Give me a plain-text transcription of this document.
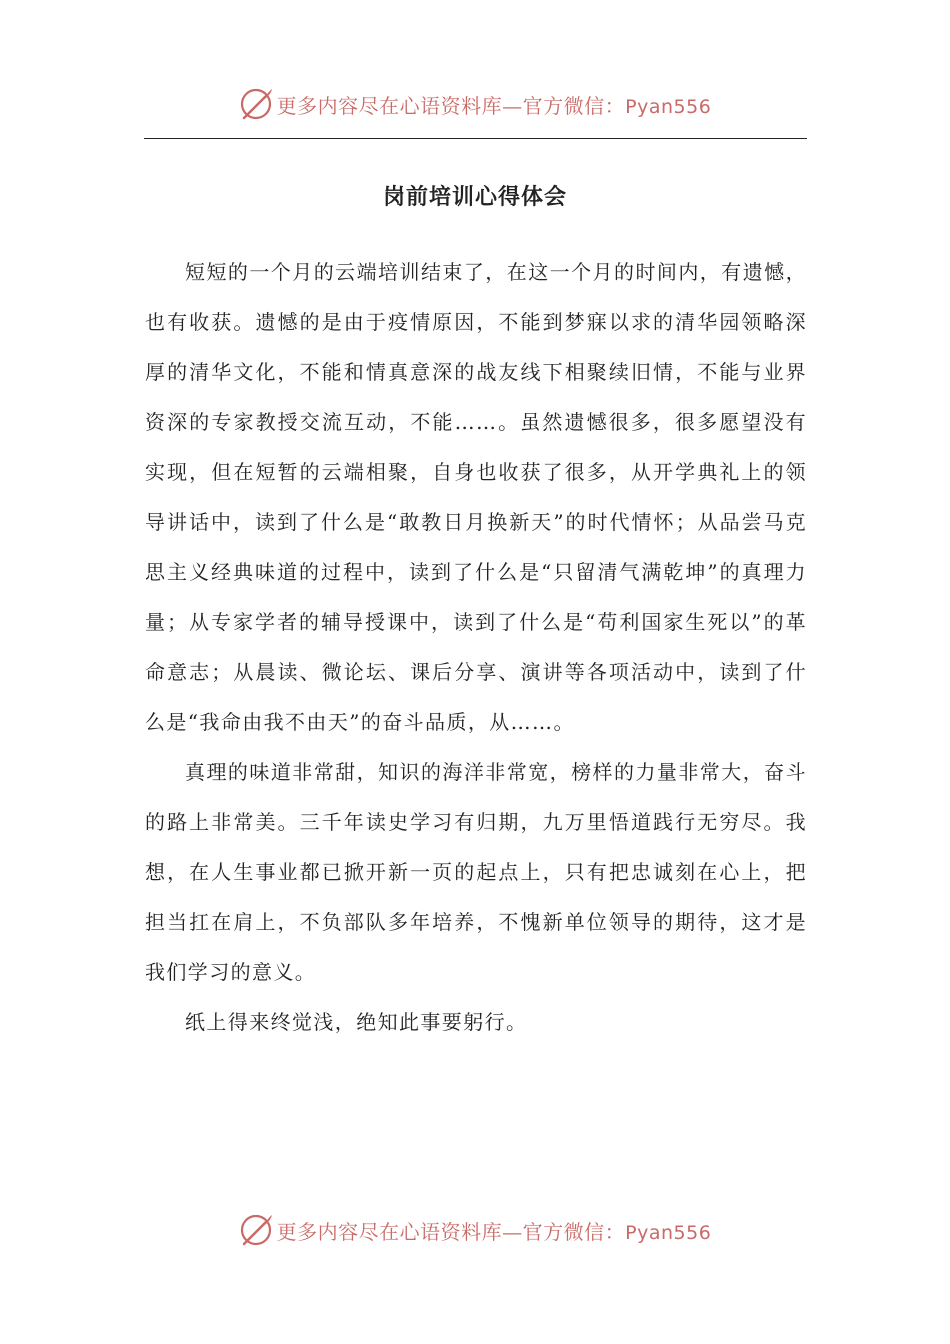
更多内容尽在心语资料库—官方微信：Pyan556
岗前培训心得体会

短短的一个月的云端培训结束了，在这一个月的时间内，有遗憾，也有收获。遗憾的是由于疫情原因，不能到梦寐以求的清华园领略深厚的清华文化，不能和情真意深的战友线下相聚续旧情，不能与业界资深的专家教授交流互动，不能……。虽然遗憾很多，很多愿望没有实现，但在短暂的云端相聚，自身也收获了很多，从开学典礼上的领导讲话中，读到了什么是“敢教日月换新天”的时代情怀；从品尝马克思主义经典味道的过程中，读到了什么是“只留清气满乾坤”的真理力量；从专家学者的辅导授课中，读到了什么是“苟利国家生死以”的革命意志；从晨读、微论坛、课后分享、演讲等各项活动中，读到了什么是“我命由我不由天”的奋斗品质，从……。

真理的味道非常甜，知识的海洋非常宽，榜样的力量非常大，奋斗的路上非常美。三千年读史学习有归期，九万里悟道践行无穷尽。我想，在人生事业都已掀开新一页的起点上，只有把忠诚刻在心上，把担当扛在肩上，不负部队多年培养，不愧新单位领导的期待，这才是我们学习的意义。

纸上得来终觉浅，绝知此事要躬行。

更多内容尽在心语资料库—官方微信：Pyan556
